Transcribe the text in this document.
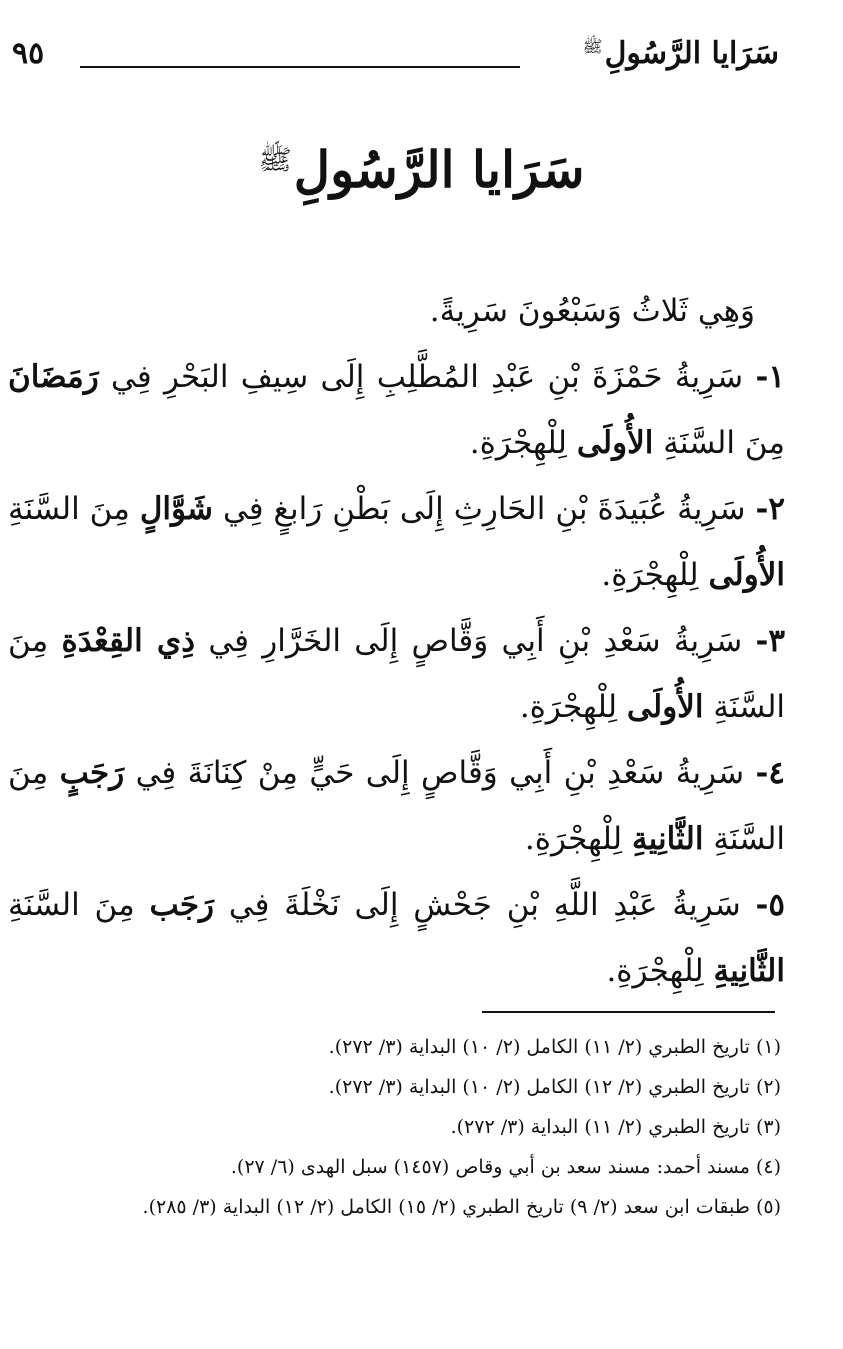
٩٥	سَرَايا الرَّسُولِ$^ﷺ$
سَرَايا الرَّسُولِ$^ﷺ$

وَهِي ثَلاثُ وَسَبْعُونَ سَرِيةً.

١- سَرِيةُ حَمْزَةَ بْنِ عَبْدِ المُطَّلِبِ إِلَى سِيفِ البَحْرِ فِي رَمَضَانَ مِنَ السَّنَةِ الأُولَى لِلْهِجْرَةِ.

٢- سَرِيةُ عُبَيدَةَ بْنِ الحَارِثِ إِلَى بَطْنِ رَابغٍ فِي شَوَّالٍ مِنَ السَّنَةِ الأُولَى لِلْهِجْرَةِ.

٣- سَرِيةُ سَعْدِ بْنِ أَبِي وَقَّاصٍ إِلَى الخَرَّارِ فِي ذِي القِعْدَةِ مِنَ السَّنَةِ الأُولَى لِلْهِجْرَةِ.

٤- سَرِيةُ سَعْدِ بْنِ أَبِي وَقَّاصٍ إِلَى حَيٍّ مِنْ كِنَانَةَ فِي رَجَبٍ مِنَ السَّنَةِ الثَّانِيةِ لِلْهِجْرَةِ.

٥- سَرِيةُ عَبْدِ اللَّهِ بْنِ جَحْشٍ إِلَى نَخْلَةَ فِي رَجَب مِنَ السَّنَةِ الثَّانِيةِ لِلْهِجْرَةِ.

(١) تاريخ الطبري (٢/ ١١) الكامل (٢/ ١٠) البداية (٣/ ٢٧٢).

(٢) تاريخ الطبري (٢/ ١٢) الكامل (٢/ ١٠) البداية (٣/ ٢٧٢).

(٣) تاريخ الطبري (٢/ ١١) البداية (٣/ ٢٧٢).

(٤) مسند أحمد: مسند سعد بن أبي وقاص (١٤٥٧) سبل الهدى (٦/ ٢٧).

(٥) طبقات ابن سعد (٢/ ٩) تاريخ الطبري (٢/ ١٥) الكامل (٢/ ١٢) البداية (٣/ ٢٨٥).
